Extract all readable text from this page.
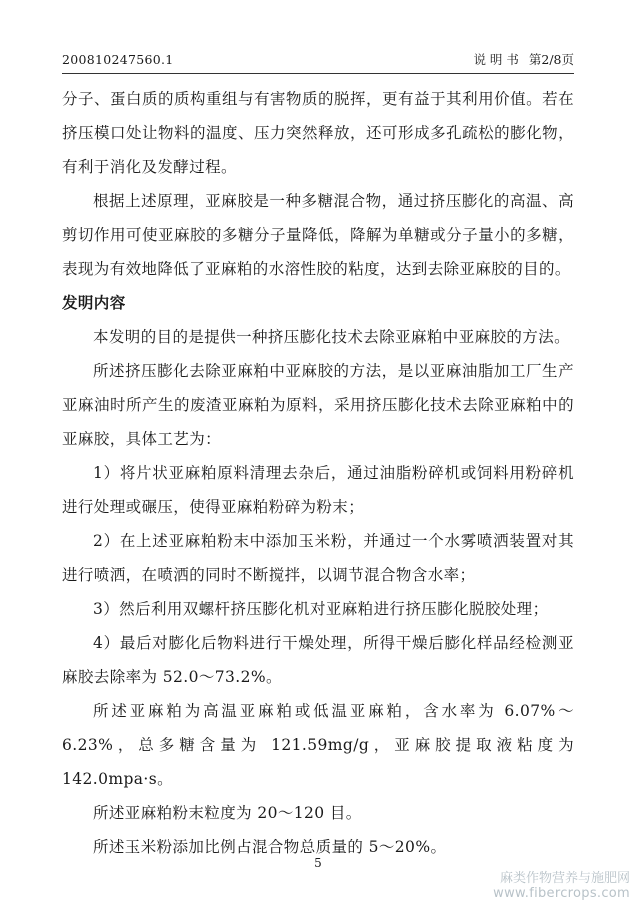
200810247560.1	说 明 书 第2/8页

分子、蛋白质的质构重组与有害物质的脱挥，更有益于其利用价值。若在挤压模口处让物料的温度、压力突然释放，还可形成多孔疏松的膨化物，有利于消化及发酵过程。

根据上述原理，亚麻胶是一种多糖混合物，通过挤压膨化的高温、高剪切作用可使亚麻胶的多糖分子量降低，降解为单糖或分子量小的多糖，表现为有效地降低了亚麻粕的水溶性胶的粘度，达到去除亚麻胶的目的。

发明内容

本发明的目的是提供一种挤压膨化技术去除亚麻粕中亚麻胶的方法。

所述挤压膨化去除亚麻粕中亚麻胶的方法，是以亚麻油脂加工厂生产亚麻油时所产生的废渣亚麻粕为原料，采用挤压膨化技术去除亚麻粕中的亚麻胶，具体工艺为：

1）将片状亚麻粕原料清理去杂后，通过油脂粉碎机或饲料用粉碎机进行处理或碾压，使得亚麻粕粉碎为粉末；

2）在上述亚麻粕粉末中添加玉米粉，并通过一个水雾喷洒装置对其进行喷洒，在喷洒的同时不断搅拌，以调节混合物含水率；

3）然后利用双螺杆挤压膨化机对亚麻粕进行挤压膨化脱胶处理；

4）最后对膨化后物料进行干燥处理，所得干燥后膨化样品经检测亚麻胶去除率为 52.0～73.2%。

所述亚麻粕为高温亚麻粕或低温亚麻粕，含水率为 6.07%～6.23%，总多糖含量为 121.59mg/g，亚麻胶提取液粘度为 142.0mpa·s。

所述亚麻粕粉末粒度为 20～120 目。

所述玉米粉添加比例占混合物总质量的 5～20%。

5
麻类作物营养与施肥网
www.fibercrops.com
